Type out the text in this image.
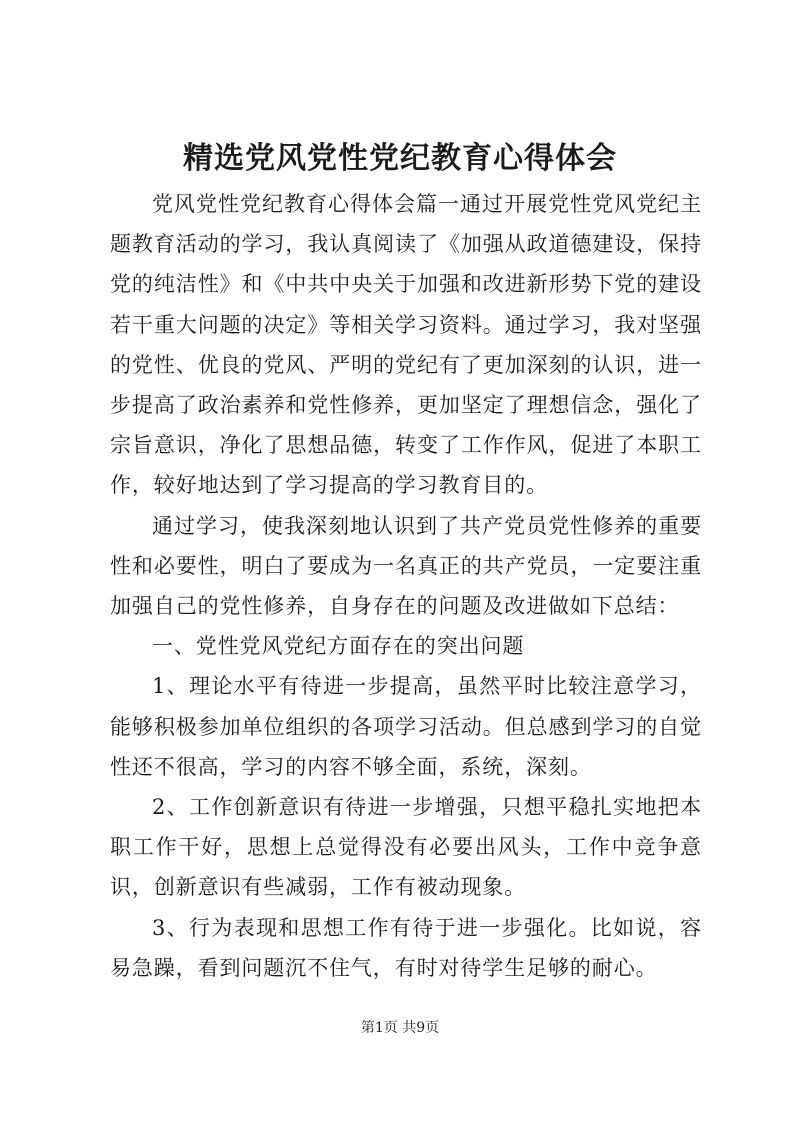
精选党风党性党纪教育心得体会

党风党性党纪教育心得体会篇一通过开展党性党风党纪主题教育活动的学习，我认真阅读了《加强从政道德建设，保持党的纯洁性》和《中共中央关于加强和改进新形势下党的建设若干重大问题的决定》等相关学习资料。通过学习，我对坚强的党性、优良的党风、严明的党纪有了更加深刻的认识，进一步提高了政治素养和党性修养，更加坚定了理想信念，强化了宗旨意识，净化了思想品德，转变了工作作风，促进了本职工作，较好地达到了学习提高的学习教育目的。

通过学习，使我深刻地认识到了共产党员党性修养的重要性和必要性，明白了要成为一名真正的共产党员，一定要注重加强自己的党性修养，自身存在的问题及改进做如下总结：

一、党性党风党纪方面存在的突出问题

1、理论水平有待进一步提高，虽然平时比较注意学习，能够积极参加单位组织的各项学习活动。但总感到学习的自觉性还不很高，学习的内容不够全面，系统，深刻。

2、工作创新意识有待进一步增强，只想平稳扎实地把本职工作干好，思想上总觉得没有必要出风头，工作中竞争意识，创新意识有些减弱，工作有被动现象。

3、行为表现和思想工作有待于进一步强化。比如说，容易急躁，看到问题沉不住气，有时对待学生足够的耐心。

第1页 共9页
